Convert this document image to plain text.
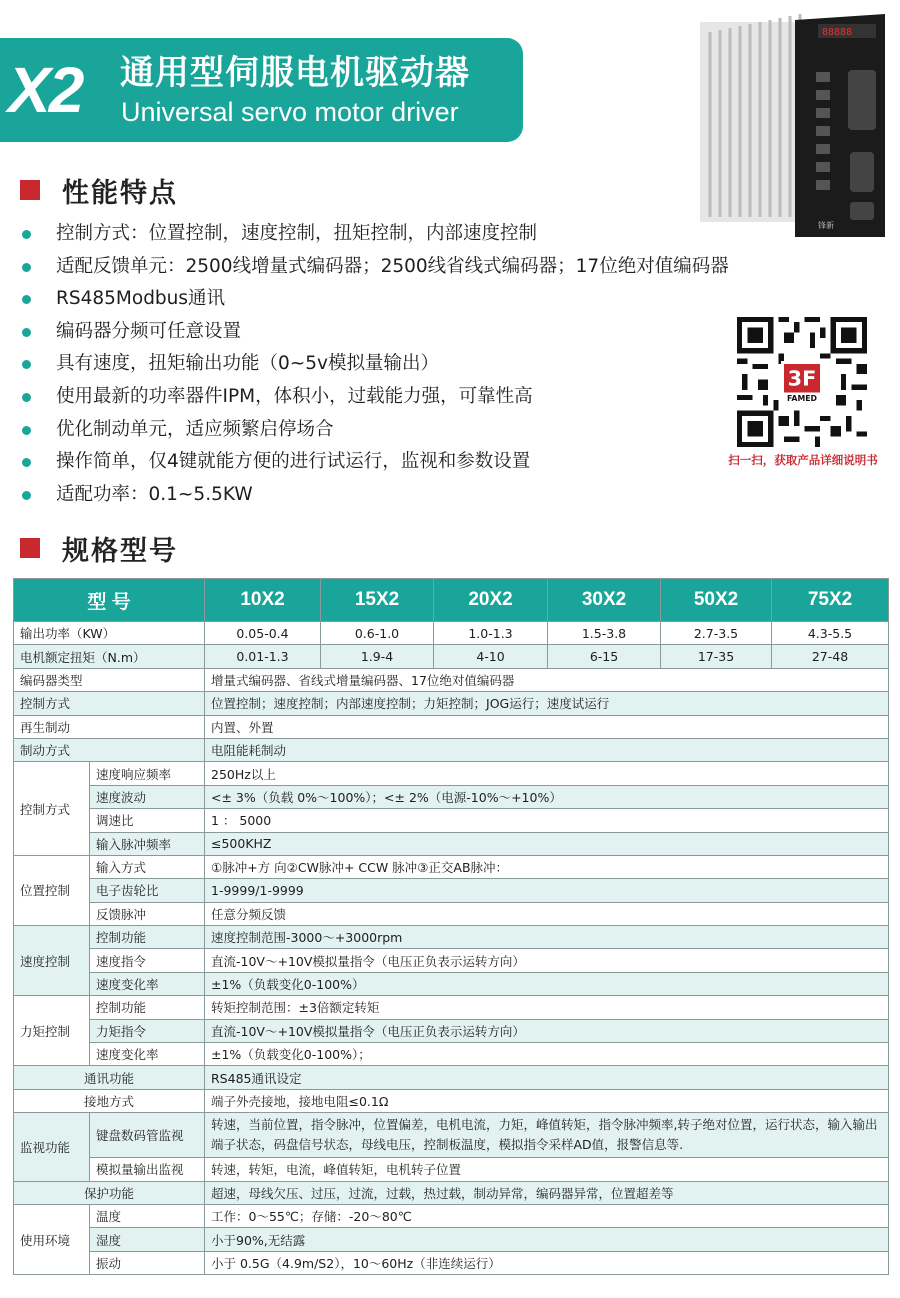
X2 通用型伺服电机驱动器
Universal servo motor driver
88888
锋新
性能特点
控制方式：位置控制，速度控制，扭矩控制，内部速度控制
适配反馈单元：2500线增量式编码器；2500线省线式编码器；17位绝对值编码器
RS485Modbus通讯
编码器分频可任意设置
具有速度，扭矩输出功能（0~5v模拟量输出）
使用最新的功率器件IPM，体积小，过载能力强，可靠性高
优化制动单元，适应频繁启停场合
操作简单，仅4键就能方便的进行试运行，监视和参数设置
适配功率：0.1~5.5KW
3F
FAMED
扫一扫，获取产品详细说明书
规格型号
型 号		10X2	15X2	20X2	30X2	50X2	75X2
输出功率（KW）		0.05-0.4	0.6-1.0	1.0-1.3	1.5-3.8	2.7-3.5	4.3-5.5
电机额定扭矩（N.m）		0.01-1.3	1.9-4	4-10	6-15	17-35	27-48
编码器类型		增量式编码器、省线式增量编码器、17位绝对值编码器					
控制方式		位置控制；速度控制；内部速度控制；力矩控制；JOG运行；速度试运行					
再生制动		内置、外置					
制动方式		电阻能耗制动					
控制方式	速度响应频率	250Hz以上					
	速度波动	<± 3%（负载 0%～100%）；<± 2%（电源-10%～+10%）					
	调速比	1 ： 5000					
	输入脉冲频率	≤500KHZ					
位置控制	输入方式	①脉冲+方 向②CW脉冲+ CCW 脉冲③正交AB脉冲：					
	电子齿轮比	1-9999/1-9999					
	反馈脉冲	任意分频反馈					
速度控制	控制功能	速度控制范围-3000～+3000rpm					
	速度指令	直流-10V～+10V模拟量指令（电压正负表示运转方向）					
	速度变化率	±1%（负载变化0-100%）					
力矩控制	控制功能	转矩控制范围：±3倍额定转矩					
	力矩指令	直流-10V～+10V模拟量指令（电压正负表示运转方向）					
	速度变化率	±1%（负载变化0-100%）；					
通讯功能		RS485通讯设定					
接地方式		端子外壳接地，接地电阻≤0.1Ω					
监视功能	键盘数码管监视	转速，当前位置，指令脉冲，位置偏差，电机电流，力矩，峰值转矩，指令脉冲频率,转子绝对位置，运行状态，输入输出端子状态，码盘信号状态，母线电压，控制板温度，模拟指令采样AD值，报警信息等.					
	模拟量输出监视	转速，转矩，电流，峰值转矩，电机转子位置					
保护功能		超速，母线欠压、过压，过流，过载，热过载，制动异常，编码器异常，位置超差等					
使用环境	温度	工作：0～55℃；存储：-20～80℃					
	湿度	小于90%,无结露					
	振动	小于 0.5G（4.9m/S2），10～60Hz（非连续运行）					
